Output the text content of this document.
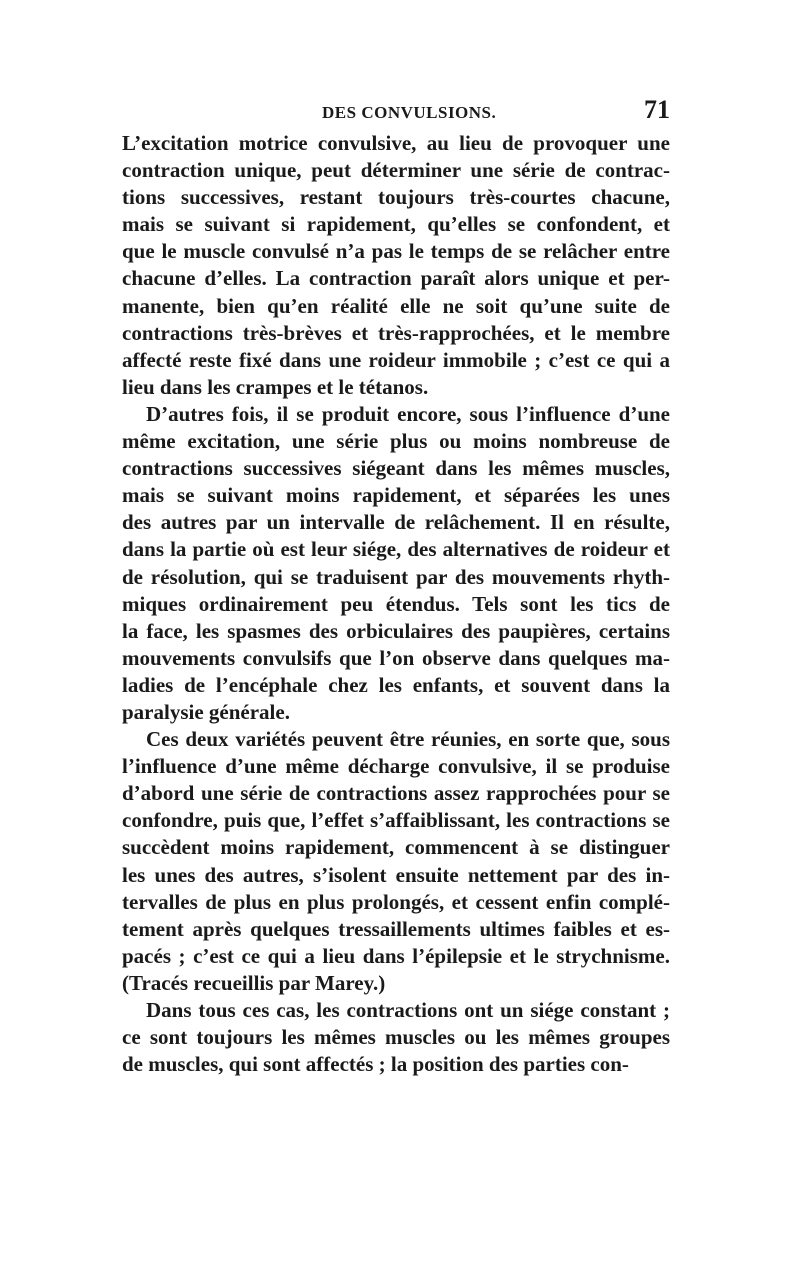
DES CONVULSIONS.	71
L’excitation motrice convulsive, au lieu de provoquer une
contraction unique, peut déterminer une série de contrac-
tions successives, restant toujours très-courtes chacune,
mais se suivant si rapidement, qu’elles se confondent, et
que le muscle convulsé n’a pas le temps de se relâcher entre
chacune d’elles. La contraction paraît alors unique et per-
manente, bien qu’en réalité elle ne soit qu’une suite de
contractions très-brèves et très-rapprochées, et le membre
affecté reste fixé dans une roideur immobile ; c’est ce qui a
lieu dans les crampes et le tétanos.
D’autres fois, il se produit encore, sous l’influence d’une
même excitation, une série plus ou moins nombreuse de
contractions successives siégeant dans les mêmes muscles,
mais se suivant moins rapidement, et séparées les unes
des autres par un intervalle de relâchement. Il en résulte,
dans la partie où est leur siége, des alternatives de roideur et
de résolution, qui se traduisent par des mouvements rhyth-
miques ordinairement peu étendus. Tels sont les tics de
la face, les spasmes des orbiculaires des paupières, certains
mouvements convulsifs que l’on observe dans quelques ma-
ladies de l’encéphale chez les enfants, et souvent dans la
paralysie générale.
Ces deux variétés peuvent être réunies, en sorte que, sous
l’influence d’une même décharge convulsive, il se produise
d’abord une série de contractions assez rapprochées pour se
confondre, puis que, l’effet s’affaiblissant, les contractions se
succèdent moins rapidement, commencent à se distinguer
les unes des autres, s’isolent ensuite nettement par des in-
tervalles de plus en plus prolongés, et cessent enfin complé-
tement après quelques tressaillements ultimes faibles et es-
pacés ; c’est ce qui a lieu dans l’épilepsie et le strychnisme.
(Tracés recueillis par Marey.)
Dans tous ces cas, les contractions ont un siége constant ;
ce sont toujours les mêmes muscles ou les mêmes groupes
de muscles, qui sont affectés ; la position des parties con-
